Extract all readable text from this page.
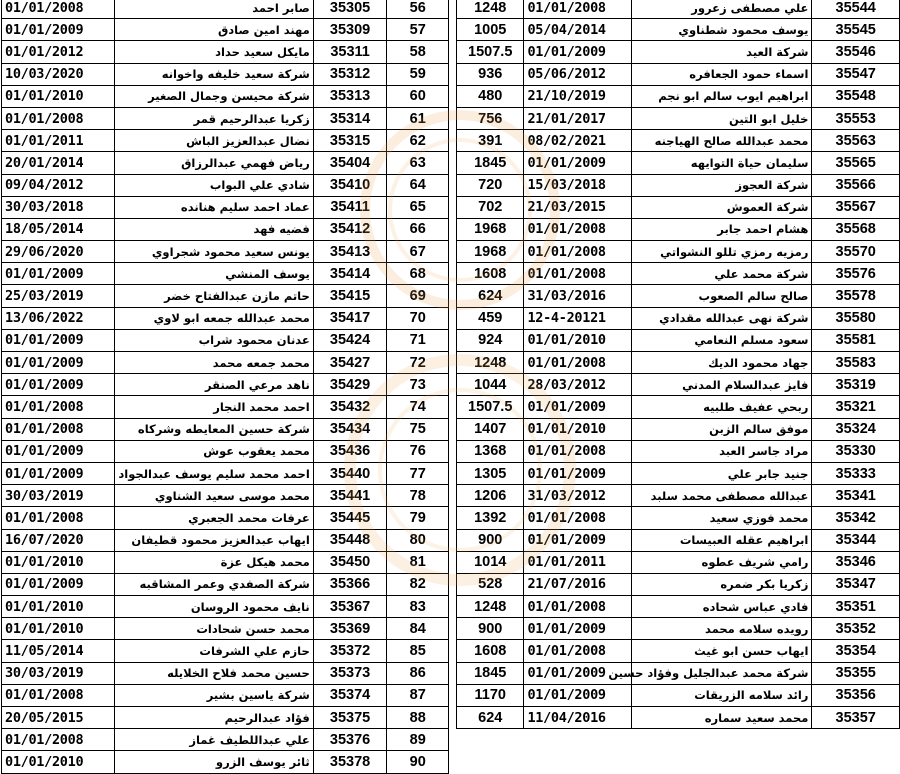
01/01/2008	صابر احمد	35305	56
01/01/2009	مهند امين صادق	35309	57
01/01/2012	مايكل سعيد حداد	35311	58
10/03/2020	شركة سعيد خليفه واخوانه	35312	59
01/01/2010	شركة محيسن وجمال الصغير	35313	60
01/01/2008	زكريا عبدالرحيم قمر	35314	61
01/01/2011	نضال عبدالعزيز الباش	35315	62
20/01/2014	رياض فهمي عبدالرزاق	35404	63
09/04/2012	شادي علي البواب	35410	64
30/03/2018	عماد احمد سليم هنانده	35411	65
18/05/2014	فضيه فهد	35412	66
29/06/2020	يونس سعيد محمود شجراوي	35413	67
01/01/2009	يوسف المنشي	35414	68
25/03/2019	حاتم مازن عبدالفتاح خضر	35415	69
13/06/2022	محمد عبدالله جمعه ابو لاوي	35417	70
01/01/2009	عدنان محمود شراب	35424	71
01/01/2009	محمد جمعه محمد	35427	72
01/01/2009	ناهد مرعي الصنقر	35429	73
01/01/2008	احمد محمد النجار	35432	74
01/01/2008	شركة حسين المعايطه وشركاه	35434	75
01/01/2009	محمد يعقوب عوش	35436	76
01/01/2009	احمد محمد سليم يوسف عبدالجواد	35440	77
30/03/2019	محمد موسى سعيد الشناوي	35441	78
01/01/2008	عرفات محمد الجعبري	35445	79
16/07/2020	ايهاب عبدالعزيز محمود قطيفان	35448	80
01/01/2010	محمد هيكل عزة	35450	81
01/01/2009	شركة الصفدي وعمر المشاقبه	35366	82
01/01/2010	نايف محمود الروسان	35367	83
01/01/2010	محمد حسن شحادات	35369	84
11/05/2014	حازم علي الشرفات	35372	85
30/03/2019	حسين محمد فلاح الخلايله	35373	86
01/01/2008	شركة ياسين بشير	35374	87
20/05/2015	فؤاد عبدالرحيم	35375	88
01/01/2008	علي عبداللطيف غماز	35376	89
01/01/2010	ثائر يوسف الزرو	35378	90
1248	01/01/2008	علي مصطفى زعرور	35544
1005	05/04/2014	يوسف محمود شطناوي	35545
1507.5	01/01/2009	شركة العيد	35546
936	05/06/2012	اسماء حمود الجعافره	35547
480	21/10/2019	ابراهيم ايوب سالم ابو نجم	35548
756	21/01/2017	خليل ابو التين	35553
391	08/02/2021	محمد عبدالله صالح الهياجنه	35563
1845	01/01/2009	سليمان حياة التوايهه	35565
720	15/03/2018	شركة العجوز	35566
702	21/03/2015	شركة العموش	35567
1968	01/01/2008	هشام احمد جابر	35568
1968	01/01/2008	رمزيه رمزي تللو النشواتي	35570
1608	01/01/2008	شركة محمد علي	35576
624	31/03/2016	صالح سالم الصعوب	35578
459	12-4-20121	شركة نهى عبدالله مقدادي	35580
924	01/01/2010	سعود مسلم النعامي	35581
1248	01/01/2008	جهاد محمود الديك	35583
1044	28/03/2012	فايز عبدالسلام المدني	35319
1507.5	01/01/2009	ربحي عفيف طلبيه	35321
1407	01/01/2010	موفق سالم الزبن	35324
1368	01/01/2008	مراد جاسر العبد	35330
1305	01/01/2009	جنيد جابر علي	35333
1206	31/03/2012	عبدالله مصطفى محمد سلبد	35341
1392	01/01/2008	محمد فوزي سعيد	35342
900	01/01/2009	ابراهيم عقله العبيسات	35344
1014	01/01/2011	رامي شريف عطوه	35346
528	21/07/2016	زكريا بكر ضمره	35347
1248	01/01/2008	فادي عباس شحاده	35351
900	01/01/2009	رويده سلامه محمد	35352
1608	01/01/2008	ايهاب حسن ابو غيث	35354
1845	01/01/2009	شركة محمد عبدالجليل وفؤاد حسين	35355
1170	01/01/2009	رائد سلامه الزريقات	35356
624	11/04/2016	محمد سعيد سماره	35357
